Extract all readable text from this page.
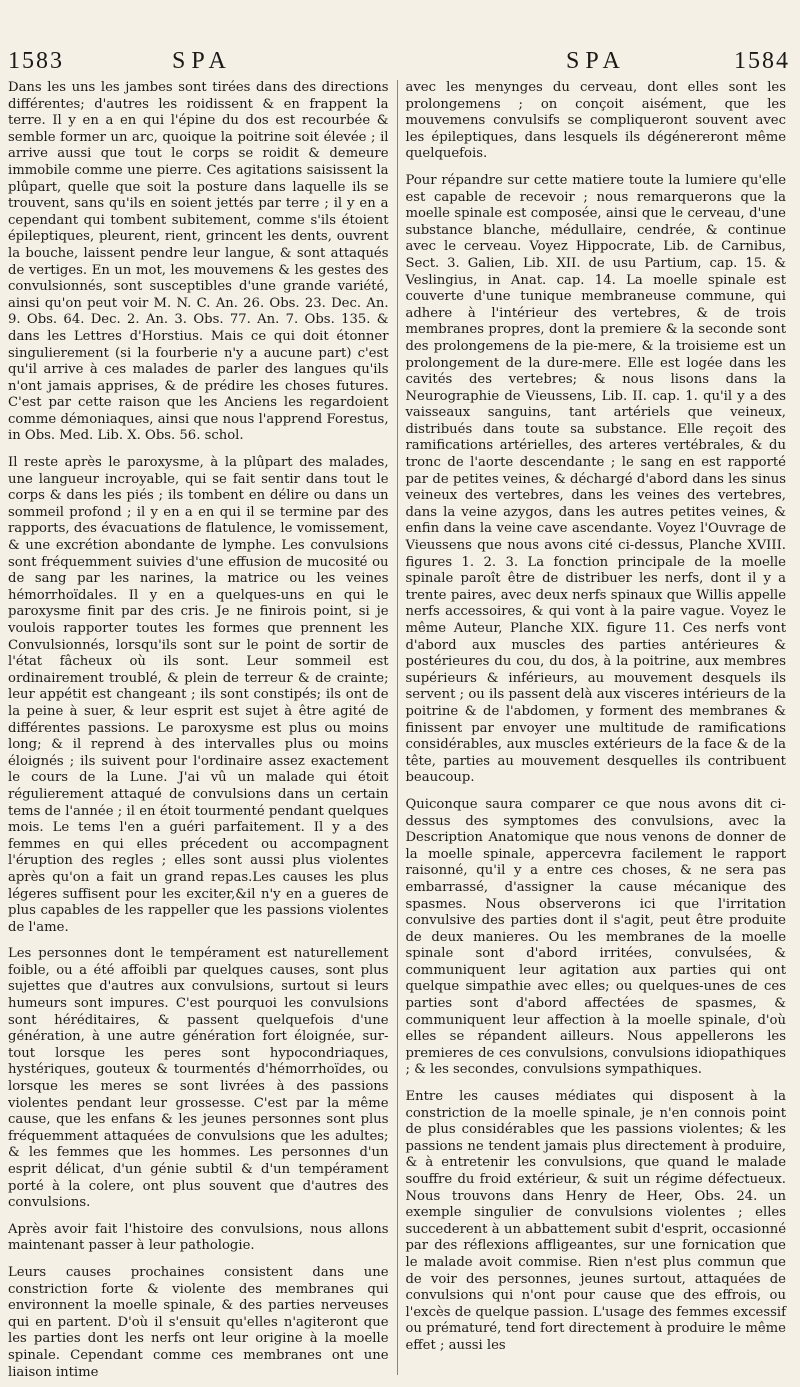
1583	SPA	SPA	1584

Dans les uns les jambes sont tirées dans des directions différentes; d'autres les roidissent & en frappent la terre. Il y en a en qui l'épine du dos est recourbée & semble former un arc, quoique la poitrine soit élevée ; il arrive aussi que tout le corps se roidit & demeure immobile comme une pierre. Ces agitations saisissent la plûpart, quelle que soit la posture dans laquelle ils se trouvent, sans qu'ils en soient jettés par terre ; il y en a cependant qui tombent subitement, comme s'ils étoient épileptiques, pleurent, rient, grincent les dents, ouvrent la bouche, laissent pendre leur langue, & sont attaqués de vertiges. En un mot, les mouvemens & les gestes des convulsionnés, sont susceptibles d'une grande variété, ainsi qu'on peut voir M. N. C. An. 26. Obs. 23. Dec. An. 9. Obs. 64. Dec. 2. An. 3. Obs. 77. An. 7. Obs. 135. & dans les Lettres d'Horstius. Mais ce qui doit étonner singulierement (si la fourberie n'y a aucune part) c'est qu'il arrive à ces malades de parler des langues qu'ils n'ont jamais apprises, & de prédire les choses futures. C'est par cette raison que les Anciens les regardoient comme démoniaques, ainsi que nous l'apprend Forestus, in Obs. Med. Lib. X. Obs. 56. schol.

Il reste après le paroxysme, à la plûpart des malades, une langueur incroyable, qui se fait sentir dans tout le corps & dans les piés ; ils tombent en délire ou dans un sommeil profond ; il y en a en qui il se termine par des rapports, des évacuations de flatulence, le vomissement, & une excrétion abondante de lymphe. Les convulsions sont fréquemment suivies d'une effusion de mucosité ou de sang par les narines, la matrice ou les veines hémorrhoïdales. Il y en a quelques-uns en qui le paroxysme finit par des cris. Je ne finirois point, si je voulois rapporter toutes les formes que prennent les Convulsionnés, lorsqu'ils sont sur le point de sortir de l'état fâcheux où ils sont. Leur sommeil est ordinairement troublé, & plein de terreur & de crainte; leur appétit est changeant ; ils sont constipés; ils ont de la peine à suer, & leur esprit est sujet à être agité de différentes passions. Le paroxysme est plus ou moins long; & il reprend à des intervalles plus ou moins éloignés ; ils suivent pour l'ordinaire assez exactement le cours de la Lune. J'ai vû un malade qui étoit régulierement attaqué de convulsions dans un certain tems de l'année ; il en étoit tourmenté pendant quelques mois. Le tems l'en a guéri parfaitement. Il y a des femmes en qui elles précedent ou accompagnent l'éruption des regles ; elles sont aussi plus violentes après qu'on a fait un grand repas.Les causes les plus légeres suffisent pour les exciter,&il n'y en a gueres de plus capables de les rappeller que les passions violentes de l'ame.

Les personnes dont le tempérament est naturellement foible, ou a été affoibli par quelques causes, sont plus sujettes que d'autres aux convulsions, surtout si leurs humeurs sont impures. C'est pourquoi les convulsions sont héréditaires, & passent quelquefois d'une génération, à une autre génération fort éloignée, sur-tout lorsque les peres sont hypocondriaques, hystériques, gouteux & tourmentés d'hémorrhoïdes, ou lorsque les meres se sont livrées à des passions violentes pendant leur grossesse. C'est par la même cause, que les enfans & les jeunes personnes sont plus fréquemment attaquées de convulsions que les adultes; & les femmes que les hommes. Les personnes d'un esprit délicat, d'un génie subtil & d'un tempérament porté à la colere, ont plus souvent que d'autres des convulsions.

Après avoir fait l'histoire des convulsions, nous allons maintenant passer à leur pathologie.

Leurs causes prochaines consistent dans une constriction forte & violente des membranes qui environnent la moelle spinale, & des parties nerveuses qui en partent. D'où il s'ensuit qu'elles n'agiteront que les parties dont les nerfs ont leur origine à la moelle spinale. Cependant comme ces membranes ont une liaison intime

avec les menynges du cerveau, dont elles sont les prolongemens ; on conçoit aisément, que les mouvemens convulsifs se compliqueront souvent avec les épileptiques, dans lesquels ils dégénereront même quelquefois.

Pour répandre sur cette matiere toute la lumiere qu'elle est capable de recevoir ; nous remarquerons que la moelle spinale est composée, ainsi que le cerveau, d'une substance blanche, médullaire, cendrée, & continue avec le cerveau. Voyez Hippocrate, Lib. de Carnibus, Sect. 3. Galien, Lib. XII. de usu Partium, cap. 15. & Veslingius, in Anat. cap. 14. La moelle spinale est couverte d'une tunique membraneuse commune, qui adhere à l'intérieur des vertebres, & de trois membranes propres, dont la premiere & la seconde sont des prolongemens de la pie-mere, & la troisieme est un prolongement de la dure-mere. Elle est logée dans les cavités des vertebres; & nous lisons dans la Neurographie de Vieussens, Lib. II. cap. 1. qu'il y a des vaisseaux sanguins, tant artériels que veineux, distribués dans toute sa substance. Elle reçoit des ramifications artérielles, des arteres vertébrales, & du tronc de l'aorte descendante ; le sang en est rapporté par de petites veines, & déchargé d'abord dans les sinus veineux des vertebres, dans les veines des vertebres, dans la veine azygos, dans les autres petites veines, & enfin dans la veine cave ascendante. Voyez l'Ouvrage de Vieussens que nous avons cité ci-dessus, Planche XVIII. figures 1. 2. 3. La fonction principale de la moelle spinale paroît être de distribuer les nerfs, dont il y a trente paires, avec deux nerfs spinaux que Willis appelle nerfs accessoires, & qui vont à la paire vague. Voyez le même Auteur, Planche XIX. figure 11. Ces nerfs vont d'abord aux muscles des parties antérieures & postérieures du cou, du dos, à la poitrine, aux membres supérieurs & inférieurs, au mouvement desquels ils servent ; ou ils passent delà aux visceres intérieurs de la poitrine & de l'abdomen, y forment des membranes & finissent par envoyer une multitude de ramifications considérables, aux muscles extérieurs de la face & de la tête, parties au mouvement desquelles ils contribuent beaucoup.

Quiconque saura comparer ce que nous avons dit ci-dessus des symptomes des convulsions, avec la Description Anatomique que nous venons de donner de la moelle spinale, appercevra facilement le rapport raisonné, qu'il y a entre ces choses, & ne sera pas embarrassé, d'assigner la cause mécanique des spasmes. Nous observerons ici que l'irritation convulsive des parties dont il s'agit, peut être produite de deux manieres. Ou les membranes de la moelle spinale sont d'abord irritées, convulsées, & communiquent leur agitation aux parties qui ont quelque simpathie avec elles; ou quelques-unes de ces parties sont d'abord affectées de spasmes, & communiquent leur affection à la moelle spinale, d'où elles se répandent ailleurs. Nous appellerons les premieres de ces convulsions, convulsions idiopathiques ; & les secondes, convulsions sympathiques.

Entre les causes médiates qui disposent à la constriction de la moelle spinale, je n'en connois point de plus considérables que les passions violentes; & les passions ne tendent jamais plus directement à produire, & à entretenir les convulsions, que quand le malade souffre du froid extérieur, & suit un régime défectueux. Nous trouvons dans Henry de Heer, Obs. 24. un exemple singulier de convulsions violentes ; elles succederent à un abbattement subit d'esprit, occasionné par des réflexions affligeantes, sur une fornication que le malade avoit commise. Rien n'est plus commun que de voir des personnes, jeunes surtout, attaquées de convulsions qui n'ont pour cause que des effrois, ou l'excès de quelque passion. L'usage des femmes excessif ou prématuré, tend fort directement à produire le même effet ; aussi les
